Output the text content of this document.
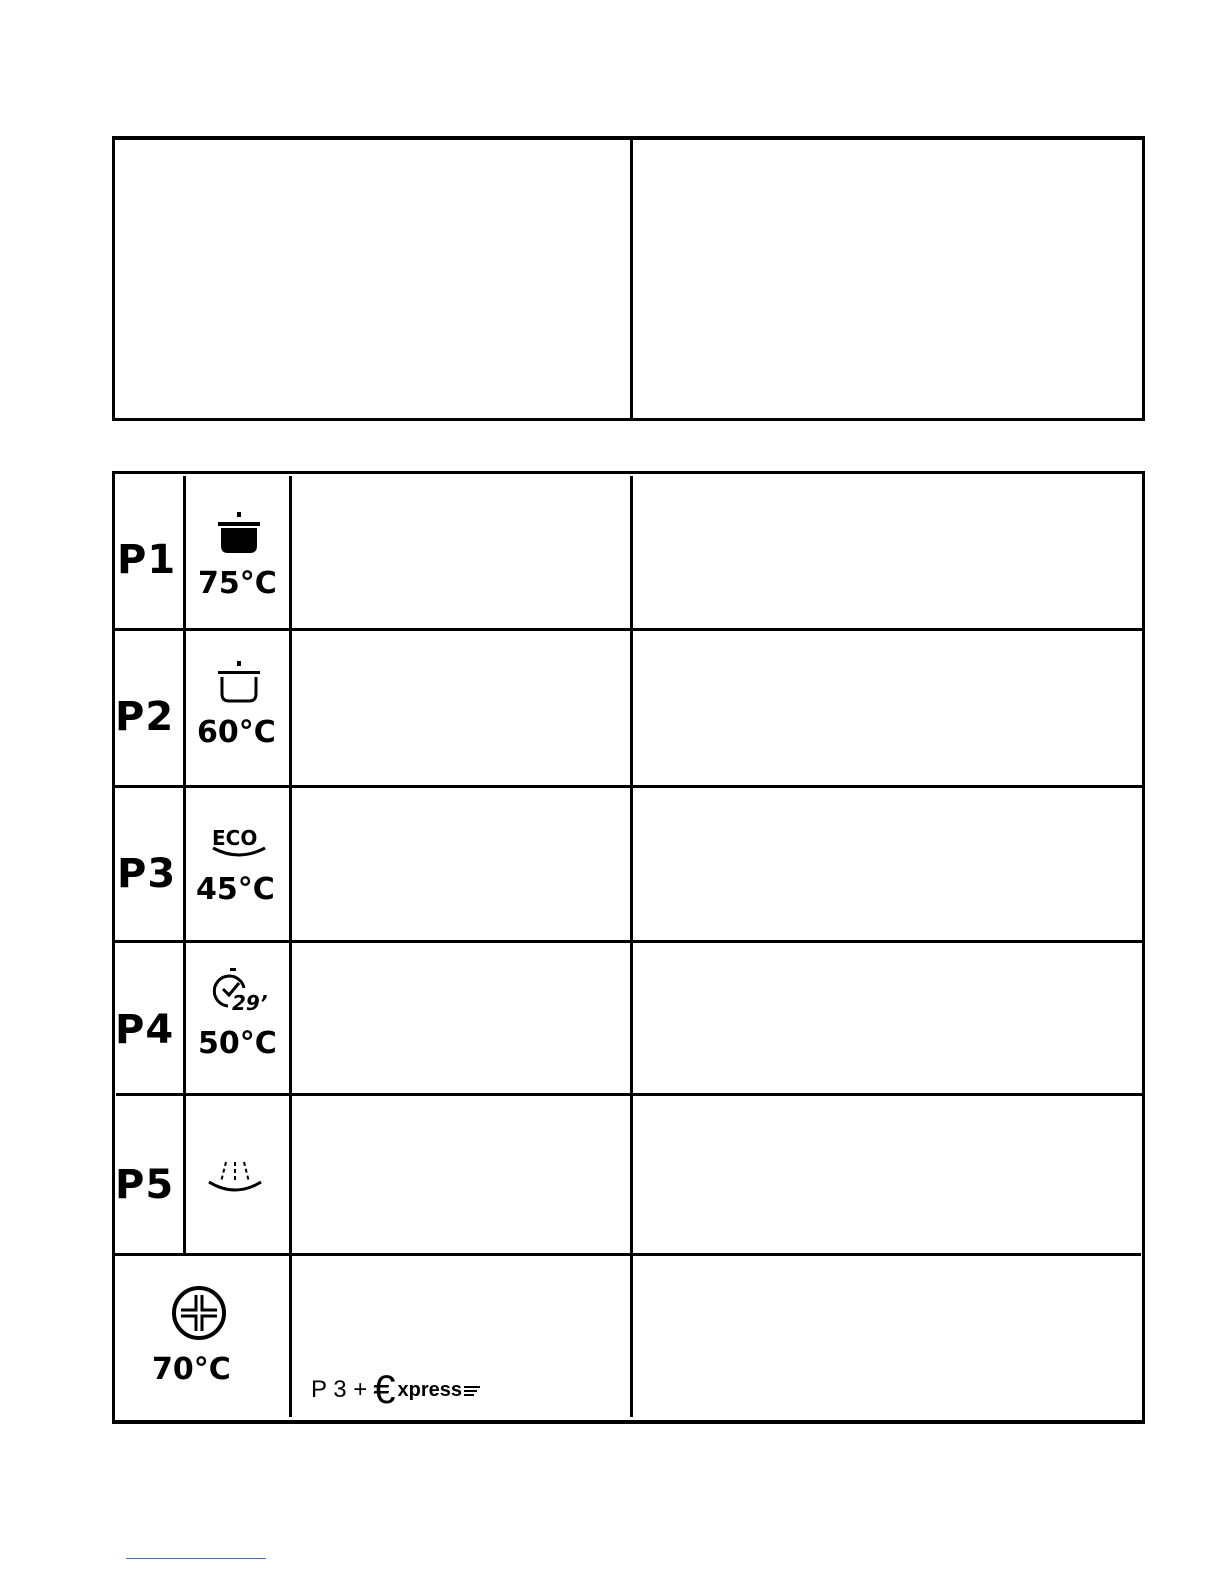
P1
75°C
P2 60°C
P3
ECO
45°C
P4
29’
50°C
P5
70°C
P 3 + € xpress
